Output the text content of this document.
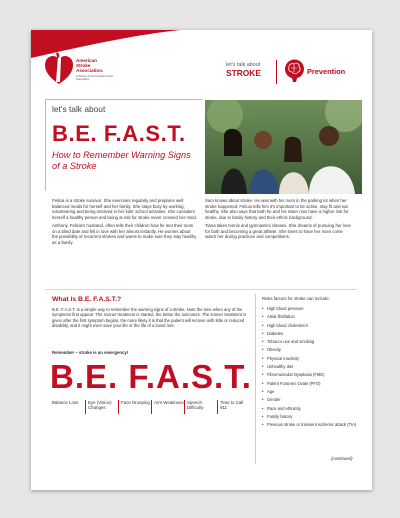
American Stroke Association.
A division of the American Heart Association
let's talk about
STROKE	Prevention
let's talk about
B.E. F.A.S.T.
How to Remember Warning Signs of a Stroke

Felicia is a stroke survivor. She exercises regularly and prepares well balanced meals for herself and her family. She stays busy by working, volunteering and being involved in her kids' school activities. She considers herself a healthy person and being at risk for stroke never crossed her mind.

Anthony, Felicia's husband, often tells their children how he met their mom on a blind date and fell in love with her almost instantly. He worries about the possibility of recurrent strokes and wants to make sure they stay healthy as a family.

Sam knows about stroke. He was with his mom in the parking lot when her stroke happened. Felicia tells him it's important to be active, stay fit and eat healthy. She also says that both he and his sister now have a higher risk for stroke, due to family history and their ethnic background.

Tiana takes tennis and gymnastics classes. She dreams of pursuing her love for both and becoming a great athlete. She loves to have her mom come watch her during practices and competitions.

What is B.E. F.A.S.T.?
B.E. F.A.S.T. is a simple way to remember the warning signs of a stroke. Note the time when any of the symptoms first appear. The sooner treatment is started, the better the outcomes. The sooner treatment is given after the first symptom begins, the more likely it is that the patient will recover with little or reduced disability, and it might even save your life or the life of a loved one.
Remember – stroke is an emergency!
B.E. F.A.S.T.
Balance Loss	Eye (Vision) Changes
Face Drooping Arm Weakness Speech Difficulty
Time to Call 911
Risks factors for stroke can include:
• High blood pressure
• Atrial fibrillation
• High blood cholesterol
• Diabetes
• Tobacco use and smoking
• Obesity
• Physical inactivity
• Unhealthy diet
• Fibromuscular Dysplasia (FMD)
• Patent Foramen Ovale (PFO)
• Age
• Gender
• Race and ethnicity
• Family history
• Previous stroke or transient ischemic attack (TIA)
(continued)
